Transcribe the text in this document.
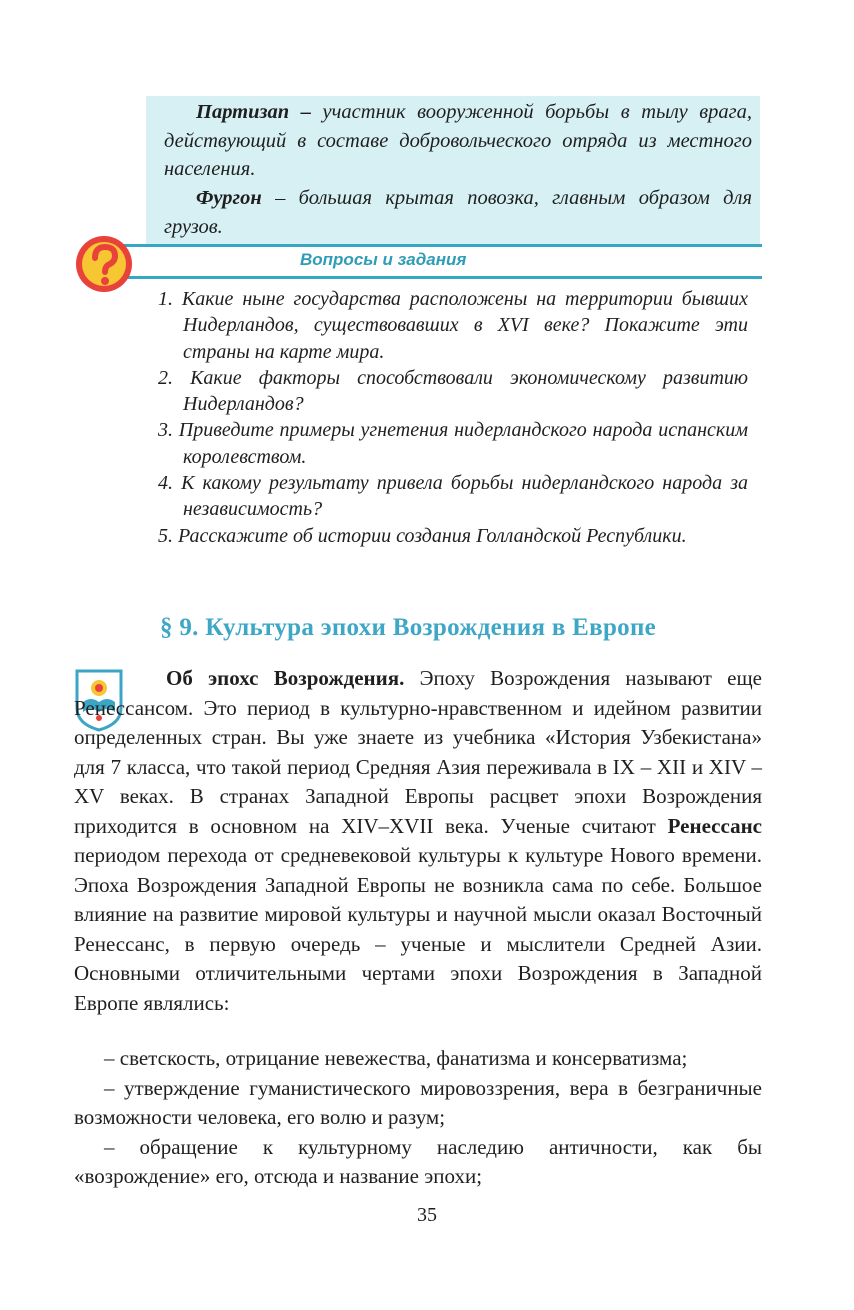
Партизап – участник вооруженной борьбы в тылу врага, действующий в составе добровольческого отряда из местного населения.
Фургон – большая крытая повозка, главным образом для грузов.
Вопросы и задания
1. Какие ныне государства расположены на территории бывших Нидерландов, существовавших в XVI веке? Покажите эти страны на карте мира.
2. Какие факторы способствовали экономическому развитию Нидерландов?
3. Приведите примеры угнетения нидерландского народа испанским королевством.
4. К какому результату привела борьбы нидерландского народа за независимость?
5. Расскажите об истории создания Голландской Республики.
§ 9. Культура эпохи Возрождения в Европе
Об эпохс Возрождения. Эпоху Возрождения называют еще Ренессансом. Это период в культурно-нравственном и идейном развитии определенных стран. Вы уже знаете из учебника «История Узбекистана» для 7 класса, что такой период Средняя Азия переживала в IX – XII и XIV – XV веках. В странах Западной Европы расцвет эпохи Возрождения приходится в основном на XIV–XVII века. Ученые считают Ренессанс периодом перехода от средневековой культуры к культуре Нового времени. Эпоха Возрождения Западной Европы не возникла сама по себе. Большое влияние на развитие мировой культуры и научной мысли оказал Восточный Ренессанс, в первую очередь – ученые и мыслители Средней Азии. Основными отличительными чертами эпохи Возрождения в Западной Европе являлись:
– светскость, отрицание невежества, фанатизма и консерватизма;
– утверждение гуманистического мировоззрения, вера в безграничные возможности человека, его волю и разум;
– обращение к культурному наследию античности, как бы «возрождение» его, отсюда и название эпохи;
35
